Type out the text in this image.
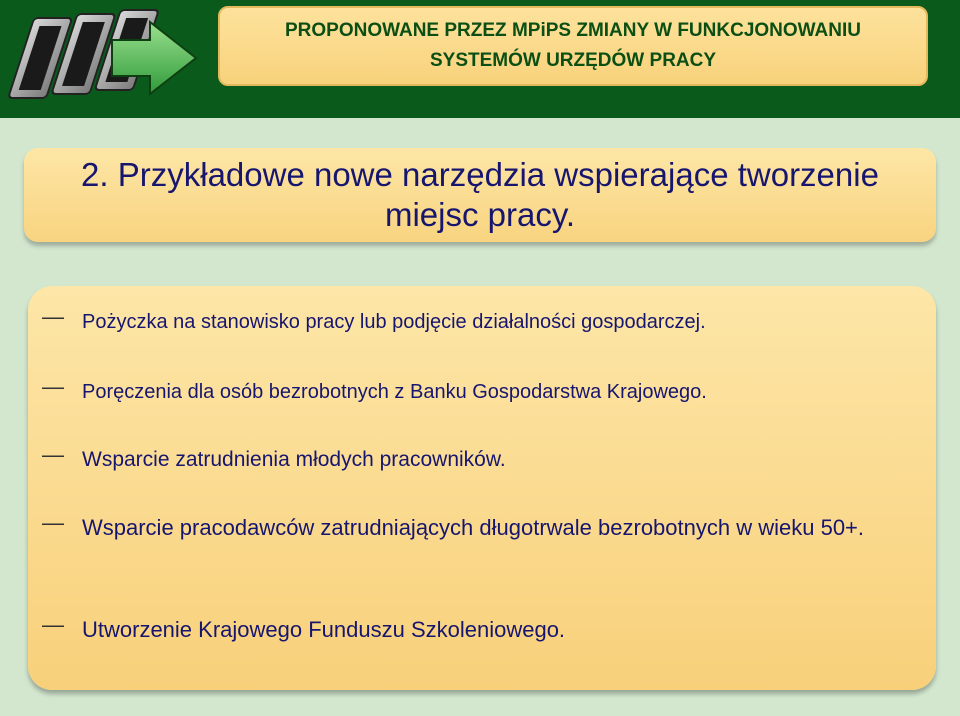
PROPONOWANE PRZEZ MPiPS ZMIANY W FUNKCJONOWANIU
SYSTEMÓW URZĘDÓW PRACY
2. Przykładowe nowe narzędzia wspierające tworzenie
miejsc pracy.
— Pożyczka na stanowisko pracy lub podjęcie działalności gospodarczej.
— Poręczenia dla osób bezrobotnych z Banku Gospodarstwa Krajowego.
— Wsparcie zatrudnienia młodych pracowników.
— Wsparcie pracodawców zatrudniających długotrwale bezrobotnych w wieku 50+.
— Utworzenie Krajowego Funduszu Szkoleniowego.
